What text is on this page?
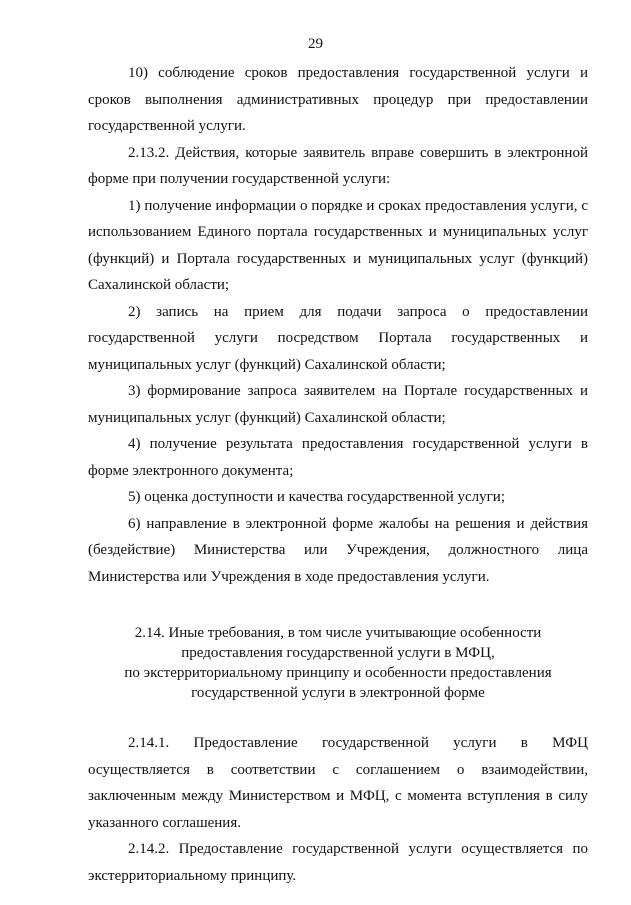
29

10) соблюдение сроков предоставления государственной услуги и сроков выполнения административных процедур при предоставлении государственной услуги.

2.13.2. Действия, которые заявитель вправе совершить в электронной форме при получении государственной услуги:

1) получение информации о порядке и сроках предоставления услуги, с использованием Единого портала государственных и муниципальных услуг (функций) и Портала государственных и муниципальных услуг (функций) Сахалинской области;

2) запись на прием для подачи запроса о предоставлении государственной услуги посредством Портала государственных и муниципальных услуг (функций) Сахалинской области;

3) формирование запроса заявителем на Портале государственных и муниципальных услуг (функций) Сахалинской области;

4) получение результата предоставления государственной услуги в форме электронного документа;

5) оценка доступности и качества государственной услуги;

6) направление в электронной форме жалобы на решения и действия (бездействие) Министерства или Учреждения, должностного лица Министерства или Учреждения в ходе предоставления услуги.

2.14. Иные требования, в том числе учитывающие особенности
предоставления государственной услуги в МФЦ,
по экстерриториальному принципу и особенности предоставления
государственной услуги в электронной форме

2.14.1. Предоставление государственной услуги в МФЦ осуществляется в соответствии с соглашением о взаимодействии, заключенным между Министерством и МФЦ, с момента вступления в силу указанного соглашения.

2.14.2. Предоставление государственной услуги осуществляется по экстерриториальному принципу.
